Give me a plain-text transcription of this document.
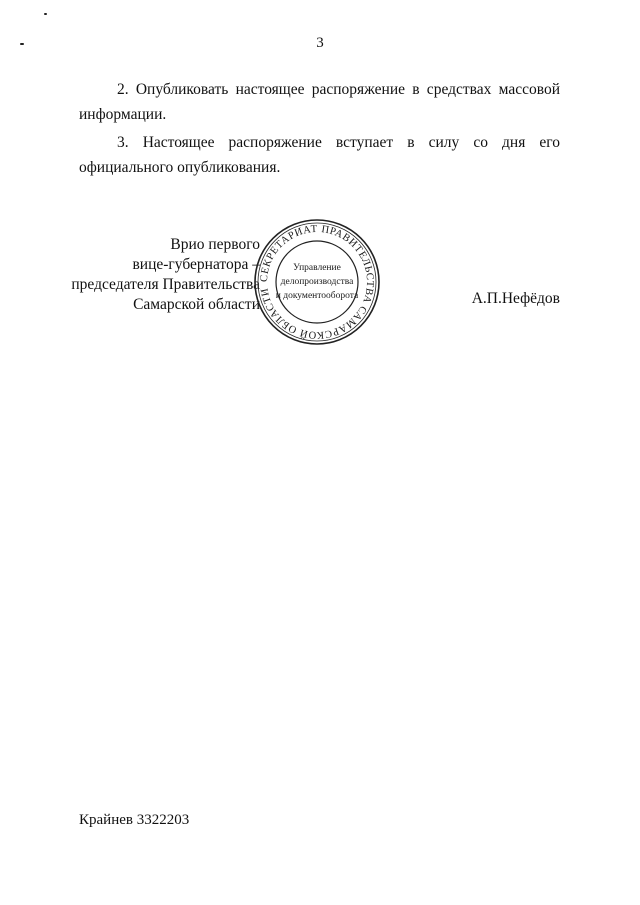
3

2. Опубликовать настоящее распоряжение в средствах массовой информации.

3. Настоящее распоряжение вступает в силу со дня его официального опубликования.

Врио первого
вице-губернатора –
председателя Правительства
Самарской области
СЕКРЕТАРИАТ ПРАВИТЕЛЬСТВА САМАРСКОЙ ОБЛАСТИ
Управление
делопроизводства
и документооборота	А.П.Нефёдов
Крайнев 3322203
